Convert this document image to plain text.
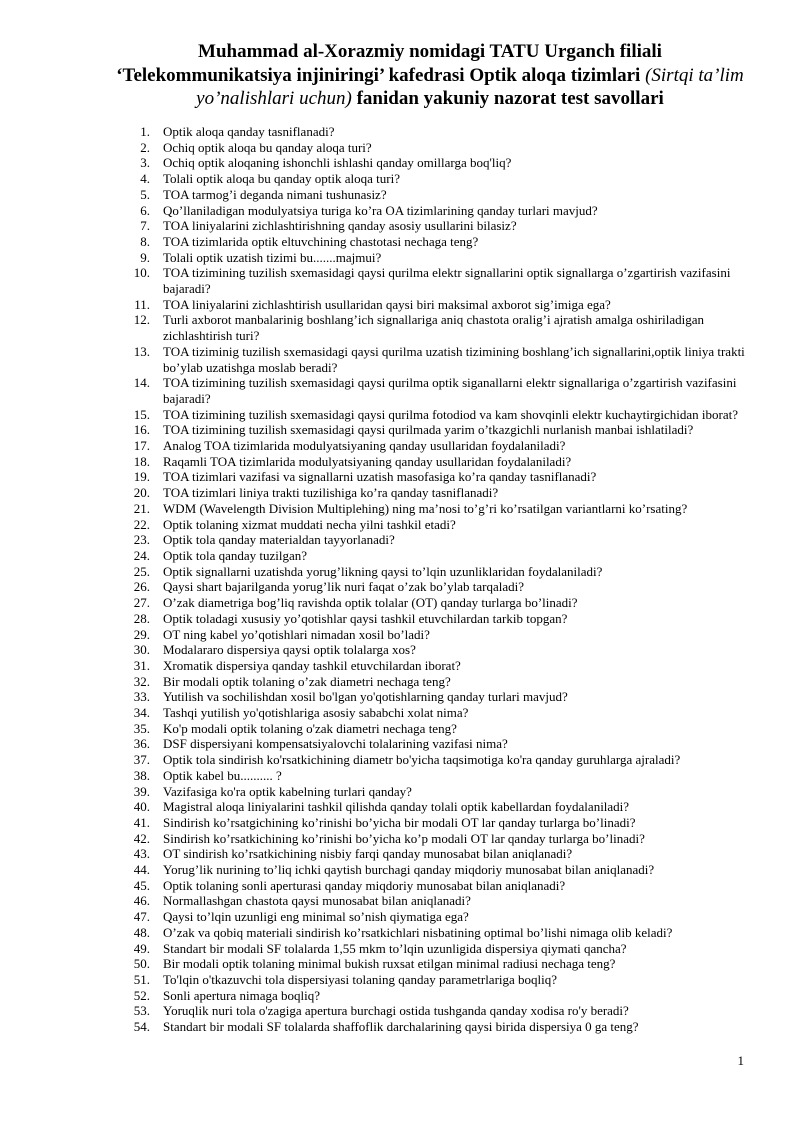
Muhammad al-Xorazmiy nomidagi TATU Urganch filiali
‘Telekommunikatsiya injiniringi’ kafedrasi Optik aloqa tizimlari (Sirtqi ta’lim yo’nalishlari uchun) fanidan yakuniy nazorat test savollari
1. Optik aloqa qanday tasniflanadi?
2. Ochiq optik aloqa bu qanday aloqa turi?
3. Ochiq optik aloqaning ishonchli ishlashi qanday omillarga boq'liq?
4. Tolali optik aloqa bu qanday optik aloqa turi?
5. TOA tarmog’i deganda nimani tushunasiz?
6. Qo’llaniladigan modulyatsiya turiga ko’ra OA tizimlarining qanday turlari mavjud?
7. TOA liniyalarini zichlashtirishning qanday asosiy usullarini bilasiz?
8. TOA tizimlarida optik eltuvchining chastotasi nechaga teng?
9. Tolali optik uzatish tizimi bu.......majmui?
10. TOA tizimining tuzilish sxemasidagi qaysi qurilma elektr signallarini optik signallarga o’zgartirish vazifasini bajaradi?
11. TOA liniyalarini zichlashtirish usullaridan qaysi biri maksimal axborot sig’imiga ega?
12. Turli axborot manbalarinig boshlang’ich signallariga aniq chastota oralig’i ajratish amalga oshiriladigan zichlashtirish turi?
13. TOA tiziminig tuzilish sxemasidagi qaysi qurilma uzatish tizimining boshlang’ich signallarini,optik liniya trakti bo’ylab uzatishga moslab beradi?
14. TOA tizimining tuzilish sxemasidagi qaysi qurilma optik siganallarni elektr signallariga o’zgartirish vazifasini bajaradi?
15. TOA tizimining tuzilish sxemasidagi qaysi qurilma fotodiod va kam shovqinli elektr kuchaytirgichidan iborat?
16. TOA tizimining tuzilish sxemasidagi qaysi qurilmada yarim o’tkazgichli nurlanish manbai ishlatiladi?
17. Analog TOA tizimlarida modulyatsiyaning qanday usullaridan foydalaniladi?
18. Raqamli TOA tizimlarida modulyatsiyaning qanday usullaridan foydalaniladi?
19. TOA tizimlari vazifasi va signallarni uzatish masofasiga ko’ra qanday tasniflanadi?
20. TOA tizimlari liniya trakti tuzilishiga ko’ra qanday tasniflanadi?
21. WDM (Wavelength Division Multiplehing) ning ma’nosi to’g’ri ko’rsatilgan variantlarni ko’rsating?
22. Optik tolaning xizmat muddati necha yilni tashkil etadi?
23. Optik tola qanday materialdan tayyorlanadi?
24. Optik tola qanday tuzilgan?
25. Optik signallarni uzatishda yorug’likning qaysi to’lqin uzunliklaridan foydalaniladi?
26. Qaysi shart bajarilganda yorug’lik nuri faqat o’zak bo’ylab tarqaladi?
27. O’zak diametriga bog’liq ravishda optik tolalar (OT) qanday turlarga bo’linadi?
28. Optik toladagi xususiy yo’qotishlar qaysi tashkil etuvchilardan tarkib topgan?
29. OT ning kabel yo’qotishlari nimadan xosil bo’ladi?
30. Modalararo dispersiya qaysi optik tolalarga xos?
31. Xromatik dispersiya qanday tashkil etuvchilardan iborat?
32. Bir modali optik tolaning o’zak diametri nechaga teng?
33. Yutilish va sochilishdan xosil bo'lgan yo'qotishlarning qanday turlari mavjud?
34. Tashqi yutilish yo'qotishlariga asosiy sababchi xolat nima?
35. Ko'p modali optik tolaning o'zak diametri nechaga teng?
36. DSF dispersiyani kompensatsiyalovchi tolalarining vazifasi nima?
37. Optik tola sindirish ko'rsatkichining diametr bo'yicha taqsimotiga ko'ra qanday guruhlarga ajraladi?
38. Optik kabel bu.......... ?
39. Vazifasiga ko'ra optik kabelning turlari qanday?
40. Magistral aloqa liniyalarini tashkil qilishda qanday tolali optik kabellardan foydalaniladi?
41. Sindirish ko’rsatgichining ko’rinishi bo’yicha bir modali OT lar qanday turlarga bo’linadi?
42. Sindirish ko’rsatkichining ko’rinishi bo’yicha ko’p modali OT lar qanday turlarga bo’linadi?
43. OT sindirish ko’rsatkichining nisbiy farqi qanday munosabat bilan aniqlanadi?
44. Yorug’lik nurining to’liq ichki qaytish burchagi qanday miqdoriy munosabat bilan aniqlanadi?
45. Optik tolaning sonli aperturasi qanday miqdoriy munosabat bilan aniqlanadi?
46. Normallashgan chastota qaysi munosabat bilan aniqlanadi?
47. Qaysi to’lqin uzunligi eng minimal so’nish qiymatiga ega?
48. O’zak va qobiq materiali sindirish ko’rsatkichlari nisbatining optimal bo’lishi nimaga olib keladi?
49. Standart bir modali SF tolalarda 1,55 mkm to’lqin uzunligida dispersiya qiymati qancha?
50. Bir modali optik tolaning minimal bukish ruxsat etilgan minimal radiusi nechaga teng?
51. To'lqin o'tkazuvchi tola dispersiyasi tolaning qanday parametrlariga boqliq?
52. Sonli apertura nimaga boqliq?
53. Yoruqlik nuri tola o'zagiga apertura burchagi ostida tushganda qanday xodisa ro'y beradi?
54. Standart bir modali SF tolalarda shaffoflik darchalarining qaysi birida dispersiya 0 ga teng?
1
